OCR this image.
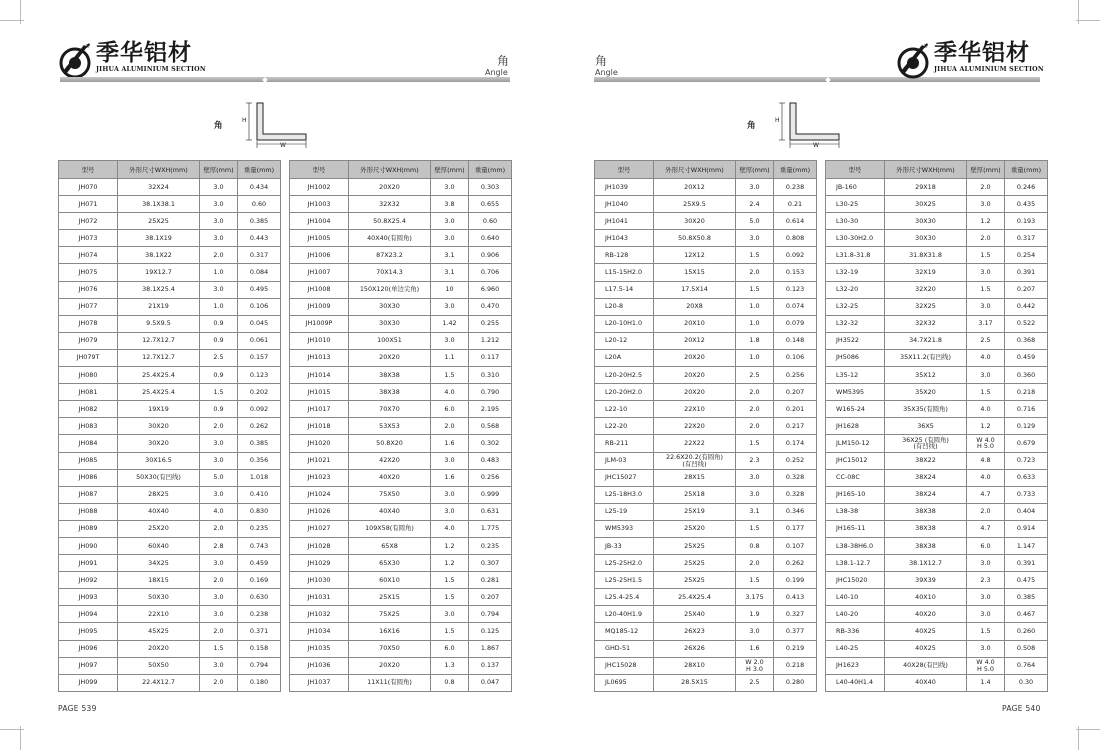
® 季华铝材
JIHUA ALUMINIUM SECTION
角
Angle
角
H
W
型号	外形尺寸WXH(mm)	壁厚(mm)	重量(mm)
JH070	32X24	3.0	0.434
JH071	38.1X38.1	3.0	0.60
JH072	25X25	3.0	0.385
JH073	38.1X19	3.0	0.443
JH074	38.1X22	2.0	0.317
JH075	19X12.7	1.0	0.084
JH076	38.1X25.4	3.0	0.495
JH077	21X19	1.0	0.106
JH078	9.5X9.5	0.9	0.045
JH079	12.7X12.7	0.9	0.061
JH079T	12.7X12.7	2.5	0.157
JH080	25.4X25.4	0.9	0.123
JH081	25.4X25.4	1.5	0.202
JH082	19X19	0.9	0.092
JH083	30X20	2.0	0.262
JH084	30X20	3.0	0.385
JH085	30X16.5	3.0	0.356
JH086	50X30(有凹线)	5.0	1.018
JH087	28X25	3.0	0.410
JH088	40X40	4.0	0.830
JH089	25X20	2.0	0.235
JH090	60X40	2.8	0.743
JH091	34X25	3.0	0.459
JH092	18X15	2.0	0.169
JH093	50X30	3.0	0.630
JH094	22X10	3.0	0.238
JH095	45X25	2.0	0.371
JH096	20X20	1.5	0.158
JH097	50X50	3.0	0.794
JH099	22.4X12.7	2.0	0.180
型号	外形尺寸WXH(mm)	壁厚(mm)	重量(mm)
JH1002	20X20	3.0	0.303
JH1003	32X32	3.8	0.655
JH1004	50.8X25.4	3.0	0.60
JH1005	40X40(有圆角)	3.0	0.640
JH1006	87X23.2	3.1	0.906
JH1007	70X14.3	3.1	0.706
JH1008	150X120(单边尖角)	10	6.960
JH1009	30X30	3.0	0.470
JH1009P	30X30	1.42	0.255
JH1010	100X51	3.0	1.212
JH1013	20X20	1.1	0.117
JH1014	38X38	1.5	0.310
JH1015	38X38	4.0	0.790
JH1017	70X70	6.0	2.195
JH1018	53X53	2.0	0.568
JH1020	50.8X20	1.6	0.302
JH1021	42X20	3.0	0.483
JH1023	40X20	1.6	0.256
JH1024	75X50	3.0	0.999
JH1026	40X40	3.0	0.631
JH1027	109X58(有圆角)	4.0	1.775
JH1028	65X8	1.2	0.235
JH1029	65X30	1.2	0.307
JH1030	60X10	1.5	0.281
JH1031	25X15	1.5	0.207
JH1032	75X25	3.0	0.794
JH1034	16X16	1.5	0.125
JH1035	70X50	6.0	1.867
JH1036	20X20	1.3	0.137
JH1037	11X11(有圆角)	0.8	0.047
PAGE 539
角
Angle
® 季华铝材
JIHUA ALUMINIUM SECTION
角
H
W
型号	外形尺寸WXH(mm)	壁厚(mm)	重量(mm)
JH1039	20X12	3.0	0.238
JH1040	25X9.5	2.4	0.21
JH1041	30X20	5.0	0.614
JH1043	50.8X50.8	3.0	0.808
RB-128	12X12	1.5	0.092
L15-15H2.0	15X15	2.0	0.153
L17.5-14	17.5X14	1.5	0.123
L20-8	20X8	1.0	0.074
L20-10H1.0	20X10	1.0	0.079
L20-12	20X12	1.8	0.148
L20A	20X20	1.0	0.106
L20-20H2.5	20X20	2.5	0.256
L20-20H2.0	20X20	2.0	0.207
L22-10	22X10	2.0	0.201
L22-20	22X20	2.0	0.217
RB-211	22X22	1.5	0.174
JLM-03	22.6X20.2(有圆角)
(有凹线)	2.3	0.252
JHC15027	28X15	3.0	0.328
L25-18H3.0	25X18	3.0	0.328
L25-19	25X19	3.1	0.346
WM5393	25X20	1.5	0.177
JB-33	25X25	0.8	0.107
L25-25H2.0	25X25	2.0	0.262
L25-25H1.5	25X25	1.5	0.199
L25.4-25.4	25.4X25.4	3.175	0.413
L20-40H1.9	25X40	1.9	0.327
MQ185-12	26X23	3.0	0.377
GHD-51	26X26	1.6	0.219
JHC15028	28X10	W 2.0
H 3.0	0.218
JL0695	28.5X15	2.5	0.280
型号	外形尺寸WXH(mm)	壁厚(mm)	重量(mm)
JB-160	29X18	2.0	0.246
L30-25	30X25	3.0	0.435
L30-30	30X30	1.2	0.193
L30-30H2.0	30X30	2.0	0.317
L31.8-31.8	31.8X31.8	1.5	0.254
L32-19	32X19	3.0	0.391
L32-20	32X20	1.5	0.207
L32-25	32X25	3.0	0.442
L32-32	32X32	3.17	0.522
JH3522	34.7X21.8	2.5	0.368
JH5086	35X11.2(有凹线)	4.0	0.459
L35-12	35X12	3.0	0.360
WM5395	35X20	1.5	0.218
W165-24	35X35(有圆角)	4.0	0.716
JH1628	36X5	1.2	0.129
JLM150-12	36X25 (有圆角)
(有凹线)	W 4.0
H 5.0	0.679
JHC15012	38X22	4.8	0.723
CC-08C	38X24	4.0	0.633
JH165-10	38X24	4.7	0.733
L38-38	38X38	2.0	0.404
JH165-11	38X38	4.7	0.914
L38-38H6.0	38X38	6.0	1.147
L38.1-12.7	38.1X12.7	3.0	0.391
JHC15020	39X39	2.3	0.475
L40-10	40X10	3.0	0.385
L40-20	40X20	3.0	0.467
RB-336	40X25	1.5	0.260
L40-25	40X25	3.0	0.508
JH1623	40X28(有凹线)	W 4.0
H 5.0	0.764
L40-40H1.4	40X40	1.4	0.30
PAGE 540
